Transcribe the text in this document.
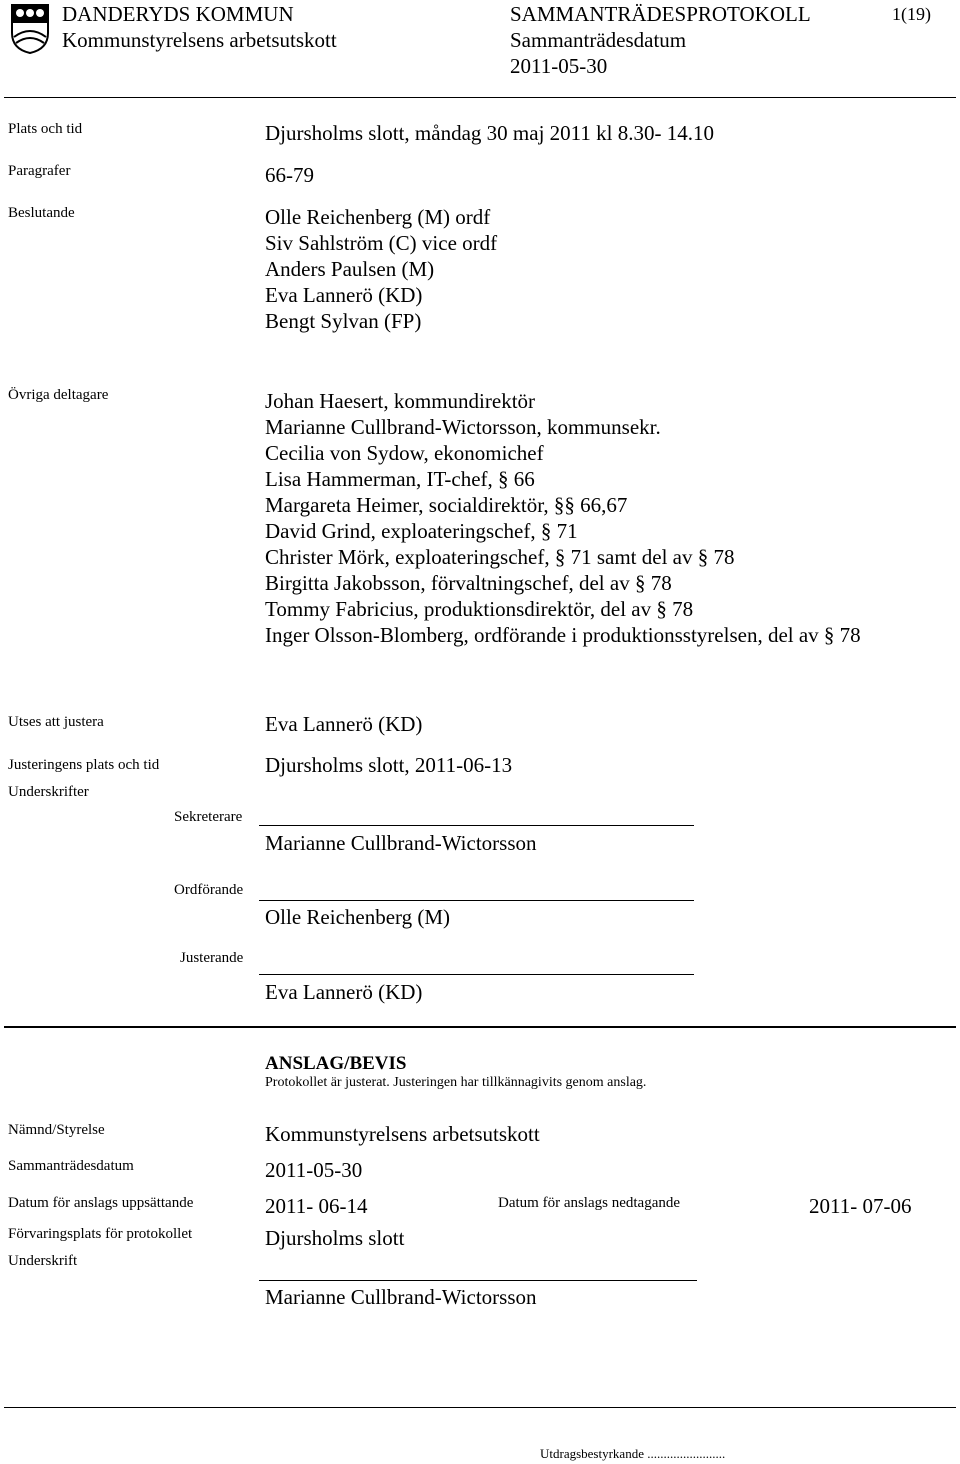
DANDERYDS KOMMUN
Kommunstyrelsens arbetsutskott
SAMMANTRÄDESPROTOKOLL
Sammanträdesdatum
2011-05-30
1(19)
Plats och tid	Djursholms slott, måndag 30 maj 2011 kl 8.30- 14.10
Paragrafer	66-79
Beslutande	Olle Reichenberg (M) ordf
Siv Sahlström (C) vice ordf
Anders Paulsen (M)
Eva Lannerö (KD)
Bengt Sylvan (FP)
Övriga deltagare	Johan Haesert, kommundirektör
Marianne Cullbrand-Wictorsson, kommunsekr.
Cecilia von Sydow, ekonomichef
Lisa Hammerman, IT-chef, § 66
Margareta Heimer, socialdirektör, §§ 66,67
David Grind, exploateringschef, § 71
Christer Mörk, exploateringschef, § 71 samt del av § 78
Birgitta Jakobsson, förvaltningschef, del av § 78
Tommy Fabricius, produktionsdirektör, del av § 78
Inger Olsson-Blomberg, ordförande i produktionsstyrelsen, del av § 78
Utses att justera	Eva Lannerö (KD)
Justeringens plats och tid	Djursholms slott, 2011-06-13
Underskrifter
Sekreterare
Marianne Cullbrand-Wictorsson
Ordförande
Olle Reichenberg (M)
Justerande
Eva Lannerö (KD)
ANSLAG/BEVIS
Protokollet är justerat. Justeringen har tillkännagivits genom anslag.
Nämnd/Styrelse	Kommunstyrelsens arbetsutskott
Sammanträdesdatum	2011-05-30
Datum för anslags uppsättande	2011- 06-14	Datum för anslags nedtagande	2011- 07-06
Förvaringsplats för protokollet	Djursholms slott
Underskrift
Marianne Cullbrand-Wictorsson
Utdragsbestyrkande ........................
